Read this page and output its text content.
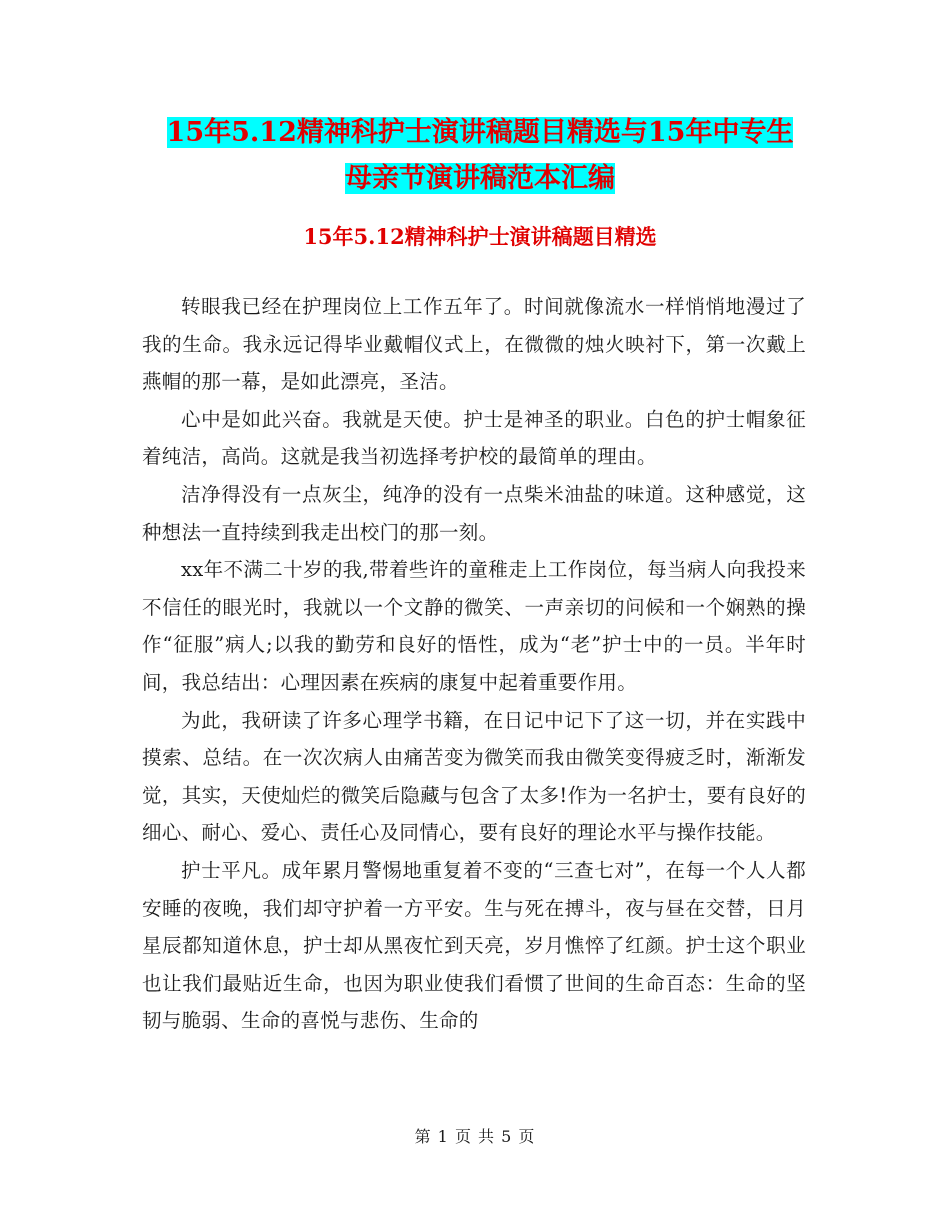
15年5.12精神科护士演讲稿题目精选与15年中专生
母亲节演讲稿范本汇编
15年5.12精神科护士演讲稿题目精选

转眼我已经在护理岗位上工作五年了。时间就像流水一样悄悄地漫过了我的生命。我永远记得毕业戴帽仪式上，在微微的烛火映衬下，第一次戴上燕帽的那一幕，是如此漂亮，圣洁。

心中是如此兴奋。我就是天使。护士是神圣的职业。白色的护士帽象征着纯洁，高尚。这就是我当初选择考护校的最简单的理由。

洁净得没有一点灰尘，纯净的没有一点柴米油盐的味道。这种感觉，这种想法一直持续到我走出校门的那一刻。

xx年不满二十岁的我,带着些许的童稚走上工作岗位，每当病人向我投来不信任的眼光时，我就以一个文静的微笑、一声亲切的问候和一个娴熟的操作“征服”病人;以我的勤劳和良好的悟性，成为“老”护士中的一员。半年时间，我总结出：心理因素在疾病的康复中起着重要作用。

为此，我研读了许多心理学书籍，在日记中记下了这一切，并在实践中摸索、总结。在一次次病人由痛苦变为微笑而我由微笑变得疲乏时，渐渐发觉，其实，天使灿烂的微笑后隐藏与包含了太多!作为一名护士，要有良好的细心、耐心、爱心、责任心及同情心，要有良好的理论水平与操作技能。

护士平凡。成年累月警惕地重复着不变的“三查七对”，在每一个人人都安睡的夜晚，我们却守护着一方平安。生与死在搏斗，夜与昼在交替，日月星辰都知道休息，护士却从黑夜忙到天亮，岁月憔悴了红颜。护士这个职业也让我们最贴近生命，也因为职业使我们看惯了世间的生命百态：生命的坚韧与脆弱、生命的喜悦与悲伤、生命的

第 1 页 共 5 页
